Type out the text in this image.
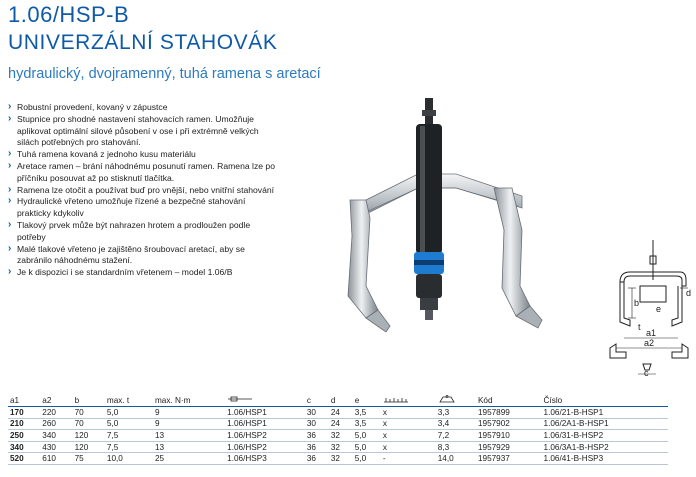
1.06/HSP-B
UNIVERZÁLNÍ STAHOVÁK
hydraulický, dvojramenný, tuhá ramena s aretací
› Robustní provedení, kovaný v zápustce
› Stupnice pro shodné nastavení stahovacích ramen. Umožňuje aplikovat optimální silové působení v ose i při extrémně velkých silách potřebných pro stahování.
› Tuhá ramena kovaná z jednoho kusu materiálu
› Aretace ramen – brání náhodnému posunutí ramen. Ramena lze po příčníku posouvat až po stisknutí tlačítka.
› Ramena lze otočit a používat buď pro vnější, nebo vnitřní stahování
› Hydraulické vřeteno umožňuje řízené a bezpečné stahování prakticky kdykoliv
› Tlakový prvek může být nahrazen hrotem a prodloužen podle potřeby
› Malé tlakové vřeteno je zajištěno šroubovací aretací, aby se zabránilo náhodnému stažení.
› Je k dispozici i se standardním vřetenem – model 1.06/B
b
d
e
t
a1
a2
c
a1	a2	b	max. t	max. N·m		c	d	e			Kód	Číslo
170	220	70	5,0	9	1.06/HSP1	30	24	3,5	x	3,3	1957899	1.06/21-B-HSP1
210	260	70	5,0	9	1.06/HSP1	30	24	3,5	x	3,4	1957902	1.06/2A1-B-HSP1
250	340	120	7,5	13	1.06/HSP2	36	32	5,0	x	7,2	1957910	1.06/31-B-HSP2
340	430	120	7,5	13	1.06/HSP2	36	32	5,0	x	8,3	1957929	1.06/3A1-B-HSP2
520	610	75	10,0	25	1.06/HSP3	36	32	5,0	-	14,0	1957937	1.06/41-B-HSP3
